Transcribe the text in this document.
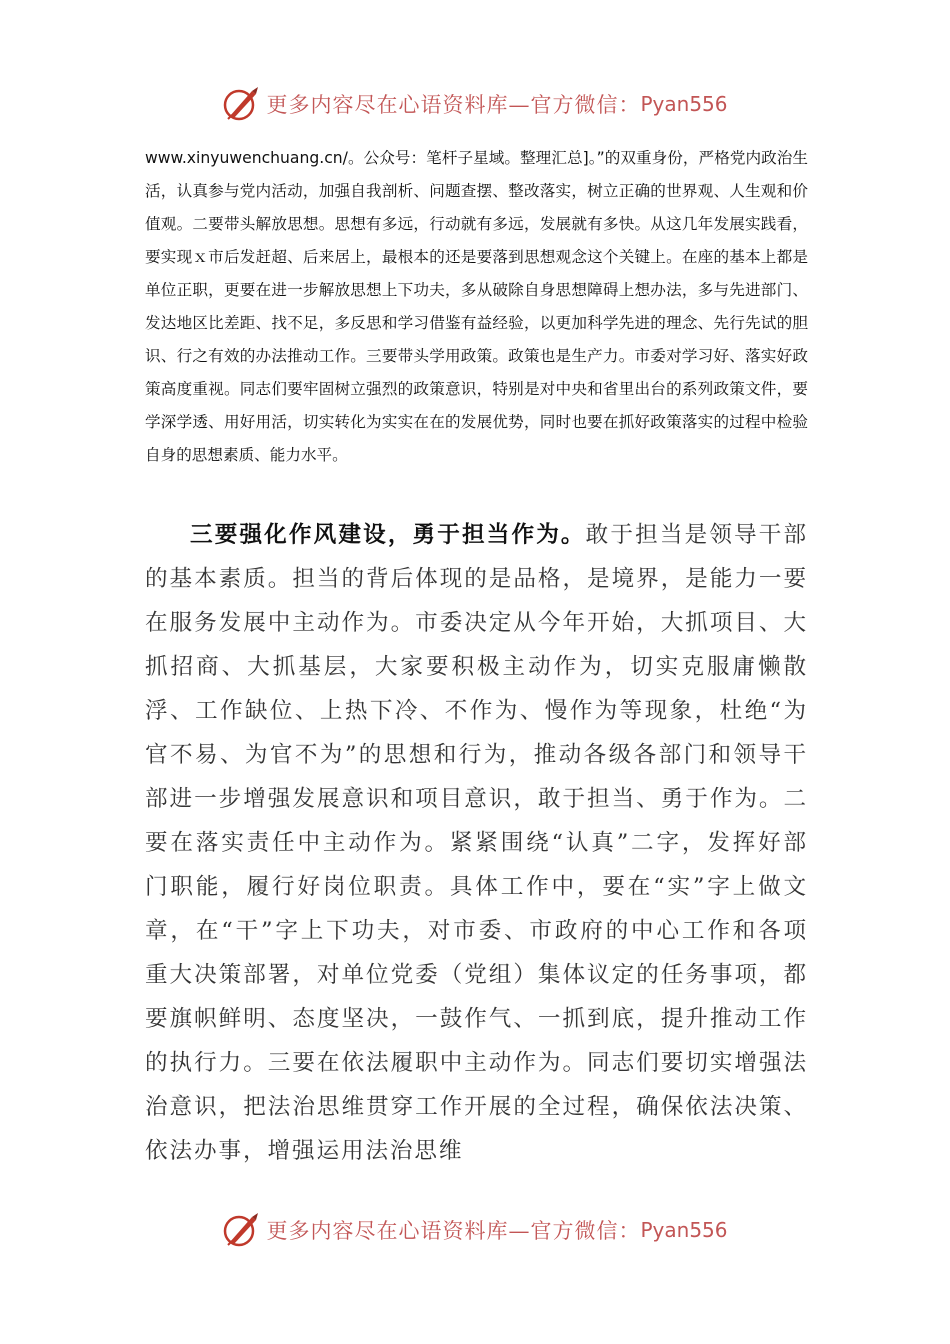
更多内容尽在心语资料库—官方微信： Pyan556

www.xinyuwenchuang.cn/。公众号：笔杆子星域。整理汇总]。”的双重身份，严格党内政治生活，认真参与党内活动，加强自我剖析、问题查摆、整改落实，树立正确的世界观、人生观和价值观。二要带头解放思想。思想有多远，行动就有多远，发展就有多快。从这几年发展实践看，要实现ｘ市后发赶超、后来居上，最根本的还是要落到思想观念这个关键上。在座的基本上都是单位正职，更要在进一步解放思想上下功夫，多从破除自身思想障碍上想办法，多与先进部门、发达地区比差距、找不足，多反思和学习借鉴有益经验，以更加科学先进的理念、先行先试的胆识、行之有效的办法推动工作。三要带头学用政策。政策也是生产力。市委对学习好、落实好政策高度重视。同志们要牢固树立强烈的政策意识，特别是对中央和省里出台的系列政策文件，要学深学透、用好用活，切实转化为实实在在的发展优势，同时也要在抓好政策落实的过程中检验自身的思想素质、能力水平。

三要强化作风建设，勇于担当作为。敢于担当是领导干部的基本素质。担当的背后体现的是品格，是境界，是能力一要在服务发展中主动作为。市委决定从今年开始，大抓项目、大抓招商、大抓基层，大家要积极主动作为，切实克服庸懒散浮、工作缺位、上热下冷、不作为、慢作为等现象，杜绝“为官不易、为官不为”的思想和行为，推动各级各部门和领导干部进一步增强发展意识和项目意识，敢于担当、勇于作为。二要在落实责任中主动作为。紧紧围绕“认真”二字，发挥好部门职能，履行好岗位职责。具体工作中，要在“实”字上做文章，在“干”字上下功夫，对市委、市政府的中心工作和各项重大决策部署，对单位党委（党组）集体议定的任务事项，都要旗帜鲜明、态度坚决，一鼓作气、一抓到底，提升推动工作的执行力。三要在依法履职中主动作为。同志们要切实增强法治意识，把法治思维贯穿工作开展的全过程，确保依法决策、依法办事，增强运用法治思维

更多内容尽在心语资料库—官方微信： Pyan556
